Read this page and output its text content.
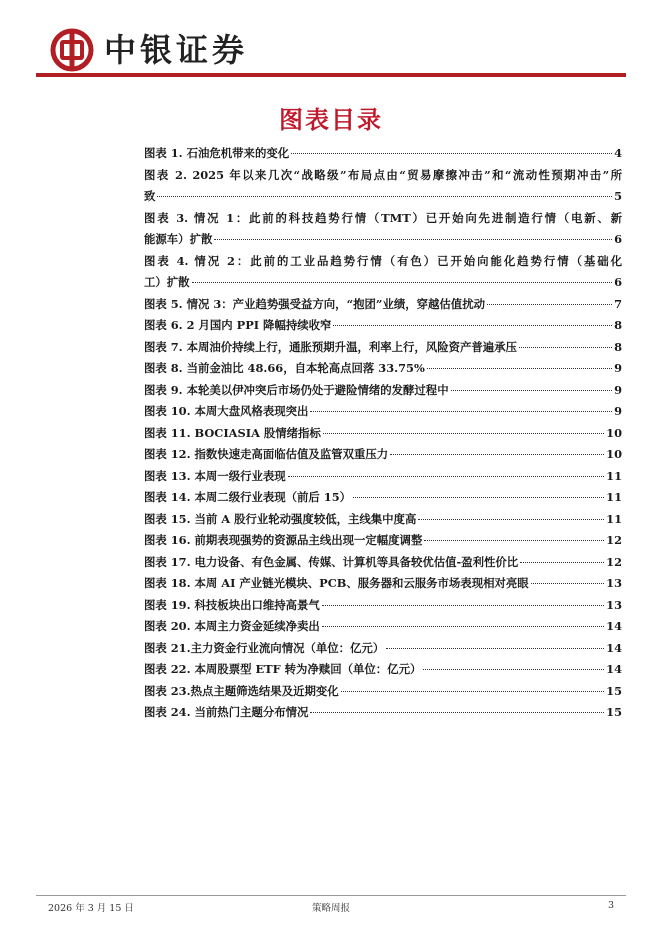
中银证券
图表目录
图表 1. 石油危机带来的变化	4
图表 2. 2025 年以来几次“战略级”布局点由“贸易摩擦冲击”和“流动性预期冲击”所
致	5
图表 3. 情况 1：此前的科技趋势行情（TMT）已开始向先进制造行情（电新、新
能源车）扩散	6
图表 4. 情况 2：此前的工业品趋势行情（有色）已开始向能化趋势行情（基础化
工）扩散	6
图表 5. 情况 3：产业趋势强受益方向，“抱团”业绩，穿越估值扰动	7
图表 6. 2 月国内 PPI 降幅持续收窄	8
图表 7. 本周油价持续上行，通胀预期升温，利率上行，风险资产普遍承压	8
图表 8. 当前金油比 48.66，自本轮高点回落 33.75%	9
图表 9. 本轮美以伊冲突后市场仍处于避险情绪的发酵过程中	9
图表 10. 本周大盘风格表现突出	9
图表 11. BOCIASIA 股情绪指标	10
图表 12. 指数快速走高面临估值及监管双重压力	10
图表 13. 本周一级行业表现	11
图表 14. 本周二级行业表现（前后 15）	11
图表 15. 当前 A 股行业轮动强度较低，主线集中度高	11
图表 16. 前期表现强势的资源品主线出现一定幅度调整	12
图表 17. 电力设备、有色金属、传媒、计算机等具备较优估值-盈利性价比	12
图表 18. 本周 AI 产业链光模块、PCB、服务器和云服务市场表现相对亮眼	13
图表 19. 科技板块出口维持高景气	13
图表 20. 本周主力资金延续净卖出	14
图表 21.主力资金行业流向情况（单位：亿元）	14
图表 22. 本周股票型 ETF 转为净赎回（单位：亿元）	14
图表 23.热点主题筛选结果及近期变化	15
图表 24. 当前热门主题分布情况	15
2026 年 3 月 15 日	策略周报	3
